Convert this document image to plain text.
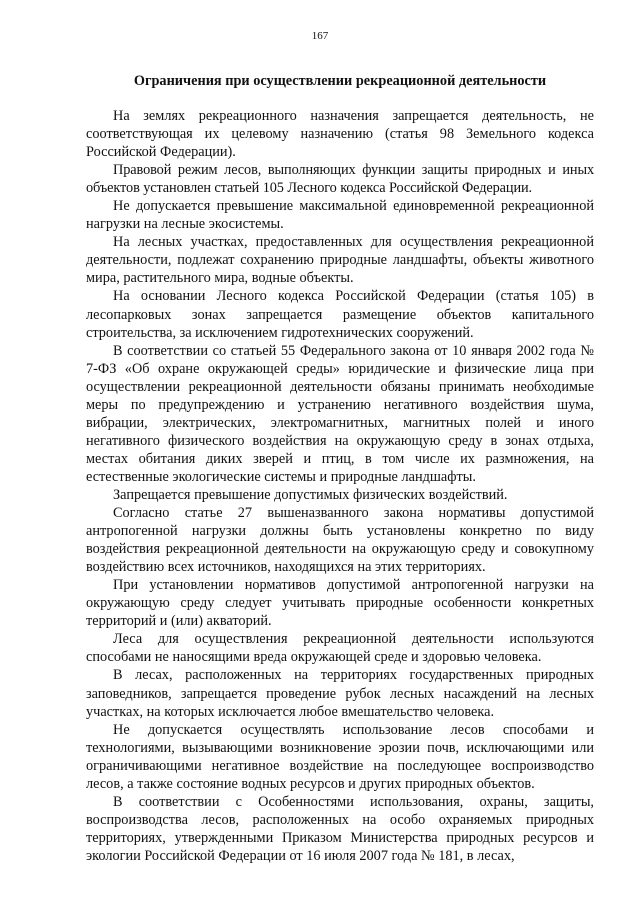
167
Ограничения при осуществлении рекреационной деятельности

На землях рекреационного назначения запрещается деятельность, не соответствующая их целевому назначению (статья 98 Земельного кодекса Российской Федерации).

Правовой режим лесов, выполняющих функции защиты природных и иных объектов установлен статьей 105 Лесного кодекса Российской Федерации.

Не допускается превышение максимальной единовременной рекреационной нагрузки на лесные экосистемы.

На лесных участках, предоставленных для осуществления рекреационной деятельности, подлежат сохранению природные ландшафты, объекты животного мира, растительного мира, водные объекты.

На основании Лесного кодекса Российской Федерации (статья 105) в лесопарковых зонах запрещается размещение объектов капитального строительства, за исключением гидротехнических сооружений.

В соответствии со статьей 55 Федерального закона от 10 января 2002 года № 7-ФЗ «Об охране окружающей среды» юридические и физические лица при осуществлении рекреационной деятельности обязаны принимать необходимые меры по предупреждению и устранению негативного воздействия шума, вибрации, электрических, электромагнитных, магнитных полей и иного негативного физического воздействия на окружающую среду в зонах отдыха, местах обитания диких зверей и птиц, в том числе их размножения, на естественные экологические системы и природные ландшафты.

Запрещается превышение допустимых физических воздействий.

Согласно статье 27 вышеназванного закона нормативы допустимой антропогенной нагрузки должны быть установлены конкретно по виду воздействия рекреационной деятельности на окружающую среду и совокупному воздействию всех источников, находящихся на этих территориях.

При установлении нормативов допустимой антропогенной нагрузки на окружающую среду следует учитывать природные особенности конкретных территорий и (или) акваторий.

Леса для осуществления рекреационной деятельности используются способами не наносящими вреда окружающей среде и здоровью человека.

В лесах, расположенных на территориях государственных природных заповедников, запрещается проведение рубок лесных насаждений на лесных участках, на которых исключается любое вмешательство человека.

Не допускается осуществлять использование лесов способами и технологиями, вызывающими возникновение эрозии почв, исключающими или ограничивающими негативное воздействие на последующее воспроизводство лесов, а также состояние водных ресурсов и других природных объектов.

В соответствии с Особенностями использования, охраны, защиты, воспроизводства лесов, расположенных на особо охраняемых природных территориях, утвержденными Приказом Министерства природных ресурсов и экологии Российской Федерации от 16 июля 2007 года № 181, в лесах,
